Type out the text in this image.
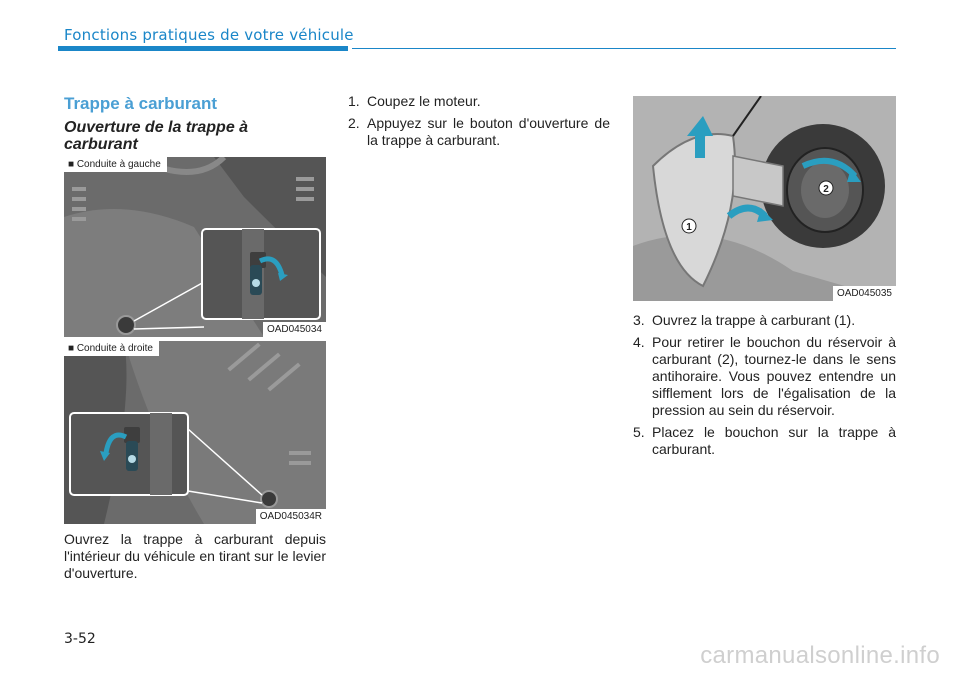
Fonctions pratiques de votre véhicule
Trappe à carburant
Ouverture de la trappe à carburant
■ Conduite à gauche
OAD045034
■ Conduite à droite
OAD045034R
1
2
OAD045035
Ouvrez la trappe à carburant depuis l'intérieur du véhicule en tirant sur le levier d'ouverture.
1. Coupez le moteur.
2. Appuyez sur le bouton d'ouverture de la trappe à carburant.
3. Ouvrez la trappe à carburant (1).
4. Pour retirer le bouchon du réservoir à carburant (2), tournez-le dans le sens antihoraire. Vous pouvez entendre un sifflement lors de l'égalisation de la pression au sein du réservoir.
5. Placez le bouchon sur la trappe à carburant.
3-52
carmanualsonline.info
